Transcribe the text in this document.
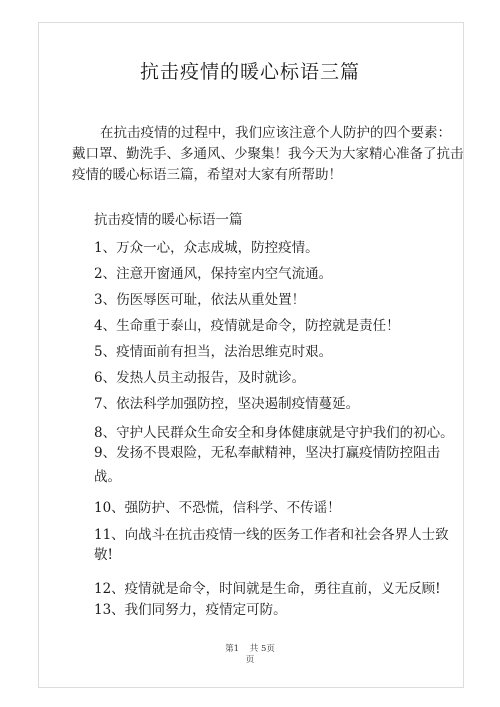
抗击疫情的暖心标语三篇

在抗击疫情的过程中，我们应该注意个人防护的四个要素：戴口罩、勤洗手、多通风、少聚集！我今天为大家精心准备了抗击疫情的暖心标语三篇，希望对大家有所帮助！

抗击疫情的暖心标语一篇
1、万众一心，众志成城，防控疫情。
2、注意开窗通风，保持室内空气流通。
3、伤医辱医可耻，依法从重处置！
4、生命重于泰山，疫情就是命令，防控就是责任！
5、疫情面前有担当，法治思维克时艰。
6、发热人员主动报告，及时就诊。
7、依法科学加强防控，坚决遏制疫情蔓延。
8、守护人民群众生命安全和身体健康就是守护我们的初心。
9、发扬不畏艰险，无私奉献精神，坚决打赢疫情防控阻击战。
10、强防护、不恐慌，信科学、不传谣！
11、向战斗在抗击疫情一线的医务工作者和社会各界人士致敬!
12、疫情就是命令，时间就是生命，勇往直前，义无反顾!
13、我们同努力，疫情定可防。
第1 共 5页
页
